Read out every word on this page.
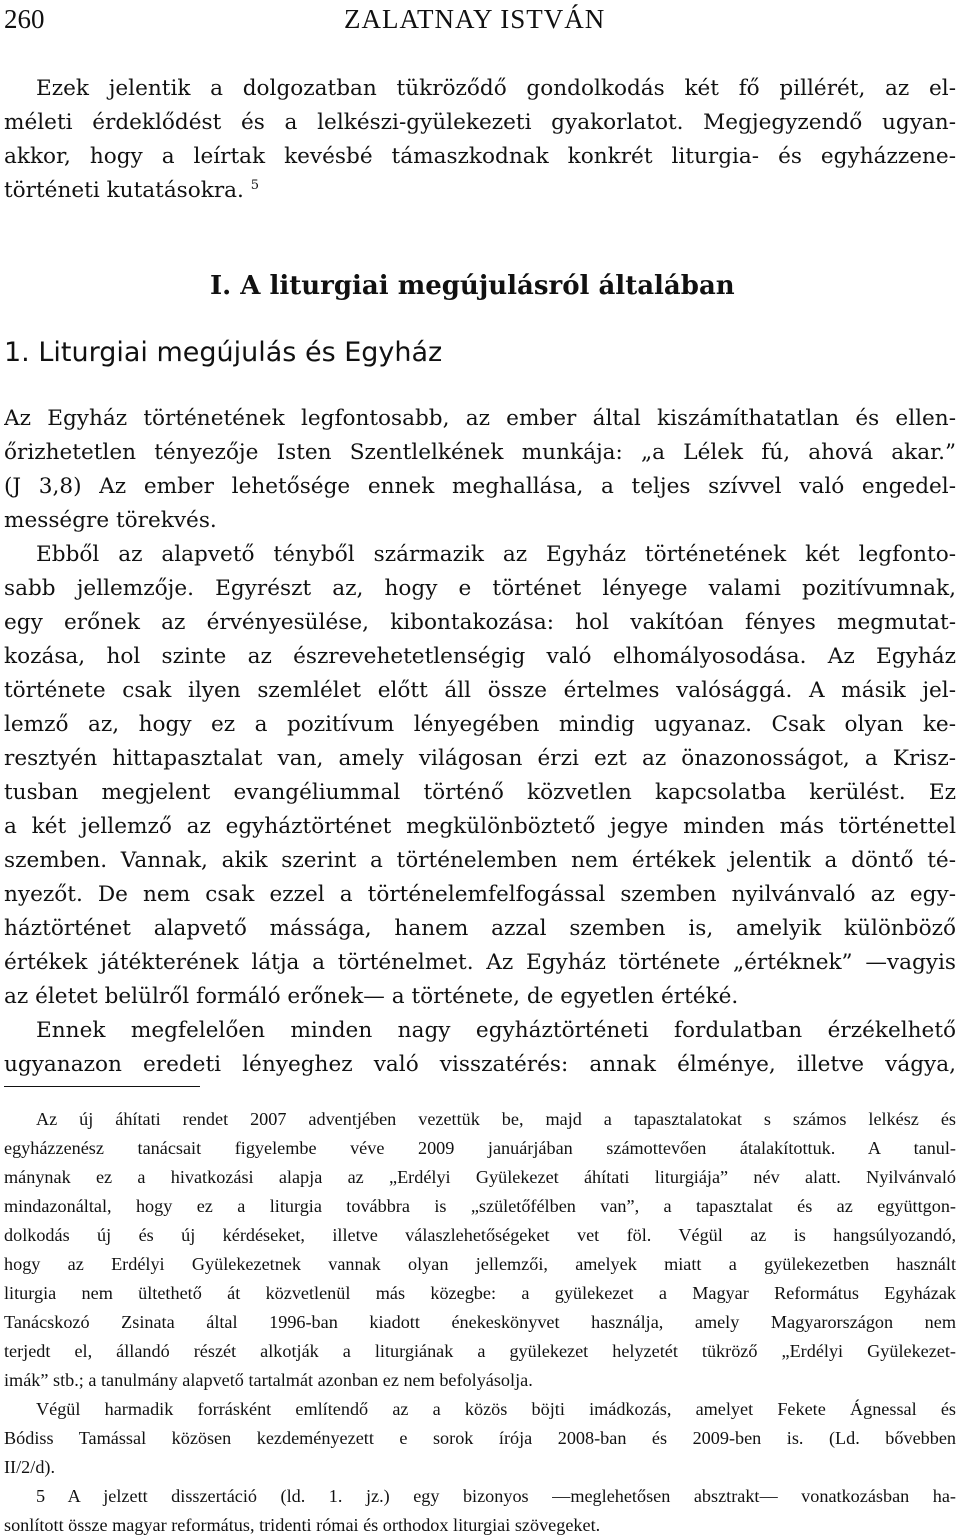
260	ZALATNAY ISTVÁN
Ezek jelentik a dolgozatban tükröződő gondolkodás két fő pillérét, az el-
méleti érdeklődést és a lelkészi-gyülekezeti gyakorlatot. Megjegyzendő ugyan-
akkor, hogy a leírtak kevésbé támaszkodnak konkrét liturgia- és egyházzene-
történeti kutatásokra. $^5$
I. A liturgiai megújulásról általában
1. Liturgiai megújulás és Egyház
Az Egyház történetének legfontosabb, az ember által kiszámíthatatlan és ellen-
őrizhetetlen tényezője Isten Szentlelkének munkája: „a Lélek fú, ahová akar.”
(J 3,8) Az ember lehetősége ennek meghallása, a teljes szívvel való engedel-
mességre törekvés.
Ebből az alapvető tényből származik az Egyház történetének két legfonto-
sabb jellemzője. Egyrészt az, hogy e történet lényege valami pozitívumnak,
egy erőnek az érvényesülése, kibontakozása: hol vakítóan fényes megmutat-
kozása, hol szinte az észrevehetetlenségig való elhomályosodása. Az Egyház
története csak ilyen szemlélet előtt áll össze értelmes valósággá. A másik jel-
lemző az, hogy ez a pozitívum lényegében mindig ugyanaz. Csak olyan ke-
resztyén hittapasztalat van, amely világosan érzi ezt az önazonosságot, a Krisz-
tusban megjelent evangéliummal történő közvetlen kapcsolatba kerülést. Ez
a két jellemző az egyháztörténet megkülönböztető jegye minden más történettel
szemben. Vannak, akik szerint a történelemben nem értékek jelentik a döntő té-
nyezőt. De nem csak ezzel a történelemfelfogással szemben nyilvánvaló az egy-
háztörténet alapvető mássága, hanem azzal szemben is, amelyik különböző
értékek játékterének látja a történelmet. Az Egyház története „értéknek” —vagyis
az életet belülről formáló erőnek— a története, de egyetlen értéké.
Ennek megfelelően minden nagy egyháztörténeti fordulatban érzékelhető
ugyanazon eredeti lényeghez való visszatérés: annak élménye, illetve vágya,
Az új áhítati rendet 2007 adventjében vezettük be, majd a tapasztalatokat s számos lelkész és
egyházzenész tanácsait figyelembe véve 2009 januárjában számottevően átalakítottuk. A tanul-
mánynak ez a hivatkozási alapja az „Erdélyi Gyülekezet áhítati liturgiája” név alatt. Nyilvánvaló
mindazonáltal, hogy ez a liturgia továbbra is „születőfélben van”, a tapasztalat és az együttgon-
dolkodás új és új kérdéseket, illetve válaszlehetőségeket vet föl. Végül az is hangsúlyozandó,
hogy az Erdélyi Gyülekezetnek vannak olyan jellemzői, amelyek miatt a gyülekezetben használt
liturgia nem ültethető át közvetlenül más közegbe: a gyülekezet a Magyar Református Egyházak
Tanácskozó Zsinata által 1996-ban kiadott énekeskönyvet használja, amely Magyarországon nem
terjedt el, állandó részét alkotják a liturgiának a gyülekezet helyzetét tükröző „Erdélyi Gyülekezet-
imák” stb.; a tanulmány alapvető tartalmát azonban ez nem befolyásolja.
Végül harmadik forrásként említendő az a közös böjti imádkozás, amelyet Fekete Ágnessal és
Bódiss Tamással közösen kezdeményezett e sorok írója 2008-ban és 2009-ben is. (Ld. bővebben
II/2/d).
5 A jelzett disszertáció (ld. 1. jz.) egy bizonyos —meglehetősen absztrakt— vonatkozásban ha-
sonlított össze magyar református, tridenti római és orthodox liturgiai szövegeket.
